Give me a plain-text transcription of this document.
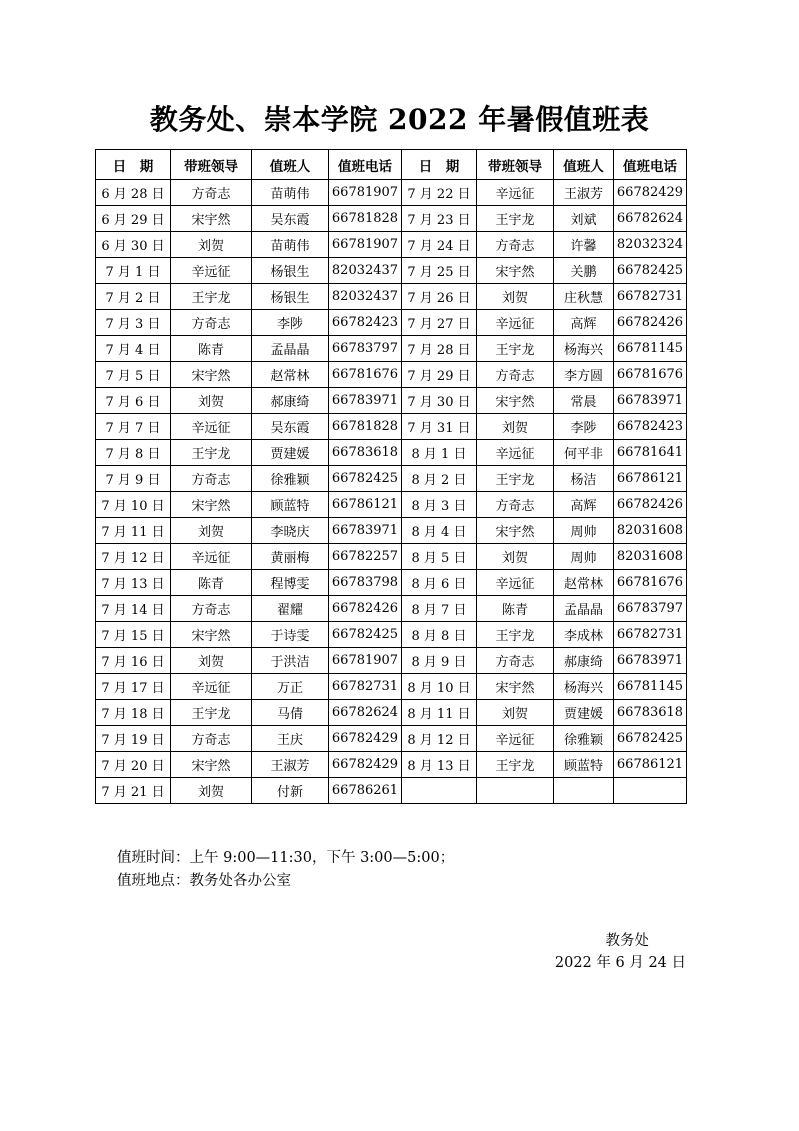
教务处、崇本学院 2022 年暑假值班表
日　期	带班领导	值班人	值班电话	日　期	带班领导	值班人	值班电话
6 月 28 日	方奇志	苗萌伟	66781907	7 月 22 日	辛远征	王淑芳	66782429
6 月 29 日	宋宇然	吴东霞	66781828	7 月 23 日	王宇龙	刘斌	66782624
6 月 30 日	刘贺	苗萌伟	66781907	7 月 24 日	方奇志	许馨	82032324
7 月 1 日	辛远征	杨银生	82032437	7 月 25 日	宋宇然	关鹏	66782425
7 月 2 日	王宇龙	杨银生	82032437	7 月 26 日	刘贺	庄秋慧	66782731
7 月 3 日	方奇志	李陟	66782423	7 月 27 日	辛远征	高辉	66782426
7 月 4 日	陈青	孟晶晶	66783797	7 月 28 日	王宇龙	杨海兴	66781145
7 月 5 日	宋宇然	赵常林	66781676	7 月 29 日	方奇志	李方圆	66781676
7 月 6 日	刘贺	郝康绮	66783971	7 月 30 日	宋宇然	常晨	66783971
7 月 7 日	辛远征	吴东霞	66781828	7 月 31 日	刘贺	李陟	66782423
7 月 8 日	王宇龙	贾建媛	66783618	8 月 1 日	辛远征	何平非	66781641
7 月 9 日	方奇志	徐雅颖	66782425	8 月 2 日	王宇龙	杨洁	66786121
7 月 10 日	宋宇然	顾蓝特	66786121	8 月 3 日	方奇志	高辉	66782426
7 月 11 日	刘贺	李晓庆	66783971	8 月 4 日	宋宇然	周帅	82031608
7 月 12 日	辛远征	黄丽梅	66782257	8 月 5 日	刘贺	周帅	82031608
7 月 13 日	陈青	程博雯	66783798	8 月 6 日	辛远征	赵常林	66781676
7 月 14 日	方奇志	翟耀	66782426	8 月 7 日	陈青	孟晶晶	66783797
7 月 15 日	宋宇然	于诗雯	66782425	8 月 8 日	王宇龙	李成林	66782731
7 月 16 日	刘贺	于洪洁	66781907	8 月 9 日	方奇志	郝康绮	66783971
7 月 17 日	辛远征	万正	66782731	8 月 10 日	宋宇然	杨海兴	66781145
7 月 18 日	王宇龙	马倩	66782624	8 月 11 日	刘贺	贾建媛	66783618
7 月 19 日	方奇志	王庆	66782429	8 月 12 日	辛远征	徐雅颖	66782425
7 月 20 日	宋宇然	王淑芳	66782429	8 月 13 日	王宇龙	顾蓝特	66786121
7 月 21 日	刘贺	付新	66786261				
值班时间：上午 9:00—11:30，下午 3:00—5:00；
值班地点：教务处各办公室
教务处
2022 年 6 月 24 日
